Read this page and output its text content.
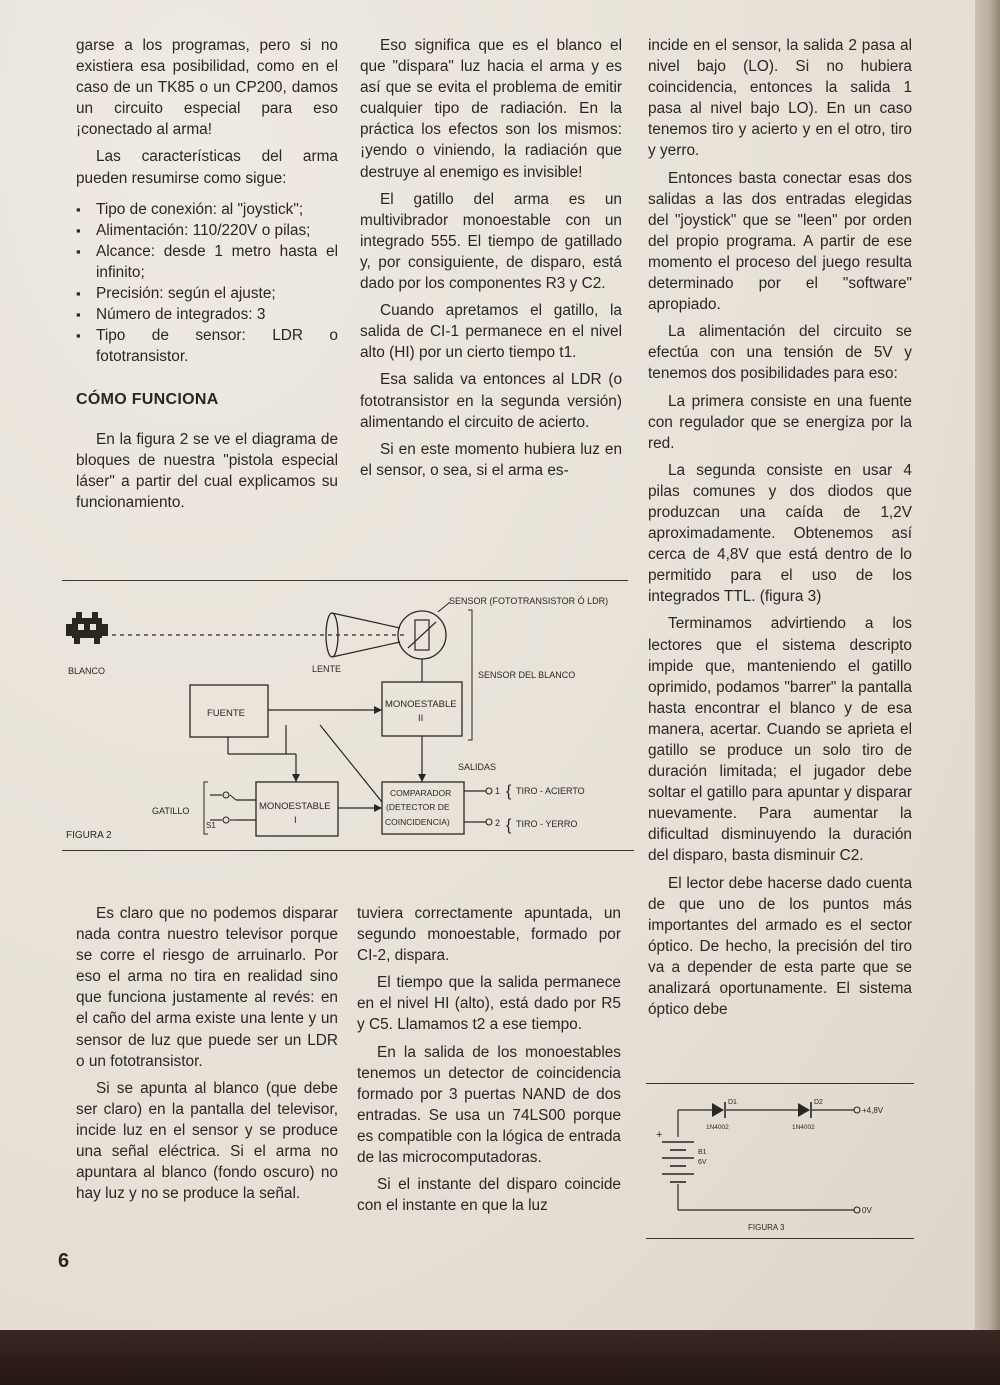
garse a los programas, pero si no existiera esa posibilidad, como en el caso de un TK85 o un CP200, damos un circuito especial para eso ¡conectado al arma!

Las características del arma pueden resumirse como sigue:

▪ Tipo de conexión: al "joystick";
▪ Alimentación: 110/220V o pilas;
▪ Alcance: desde 1 metro hasta el infinito;
▪ Precisión: según el ajuste;
▪ Número de integrados: 3
▪ Tipo de sensor: LDR o fototransistor.
CÓMO FUNCIONA

En la figura 2 se ve el diagrama de bloques de nuestra "pistola especial láser" a partir del cual explicamos su funcionamiento.

Eso significa que es el blanco el que "dispara" luz hacia el arma y es así que se evita el problema de emitir cualquier tipo de radiación. En la práctica los efectos son los mismos: ¡yendo o viniendo, la radiación que destruye al enemigo es invisible!

El gatillo del arma es un multivibrador monoestable con un integrado 555. El tiempo de gatillado y, por consiguiente, de disparo, está dado por los componentes R3 y C2.

Cuando apretamos el gatillo, la salida de CI-1 permanece en el nivel alto (HI) por un cierto tiempo t1.

Esa salida va entonces al LDR (o fototransistor en la segunda versión) alimentando el circuito de acierto.

Si en este momento hubiera luz en el sensor, o sea, si el arma es-

incide en el sensor, la salida 2 pasa al nivel bajo (LO). Si no hubiera coincidencia, entonces la salida 1 pasa al nivel bajo LO). En un caso tenemos tiro y acierto y en el otro, tiro y yerro.

Entonces basta conectar esas dos salidas a las dos entradas elegidas del "joystick" que se "leen" por orden del propio programa. A partir de ese momento el proceso del juego resulta determinado por el "software" apropiado.

La alimentación del circuito se efectúa con una tensión de 5V y tenemos dos posibilidades para eso:

La primera consiste en una fuente con regulador que se energiza por la red.

La segunda consiste en usar 4 pilas comunes y dos diodos que produzcan una caída de 1,2V aproximadamente. Obtenemos así cerca de 4,8V que está dentro de lo permitido para el uso de los integrados TTL. (figura 3)

Terminamos advirtiendo a los lectores que el sistema descripto impide que, manteniendo el gatillo oprimido, podamos "barrer" la pantalla hasta encontrar el blanco y de esa manera, acertar. Cuando se aprieta el gatillo se produce un solo tiro de duración limitada; el jugador debe soltar el gatillo para apuntar y disparar nuevamente. Para aumentar la dificultad disminuyendo la duración del disparo, basta disminuir C2.

El lector debe hacerse dado cuenta de que uno de los puntos más importantes del armado es el sector óptico. De hecho, la precisión del tiro va a depender de esta parte que se analizará oportunamente. El sistema óptico debe

Es claro que no podemos disparar nada contra nuestro televisor porque se corre el riesgo de arruinarlo. Por eso el arma no tira en realidad sino que funciona justamente al revés: en el caño del arma existe una lente y un sensor de luz que puede ser un LDR o un fototransistor.

Si se apunta al blanco (que debe ser claro) en la pantalla del televisor, incide luz en el sensor y se produce una señal eléctrica. Si el arma no apuntara al blanco (fondo oscuro) no hay luz y no se produce la señal.

tuviera correctamente apuntada, un segundo monoestable, formado por CI-2, dispara.

El tiempo que la salida permanece en el nivel HI (alto), está dado por R5 y C5. Llamamos t2 a ese tiempo.

En la salida de los monoestables tenemos un detector de coincidencia formado por 3 puertas NAND de dos entradas. Se usa un 74LS00 porque es compatible con la lógica de entrada de las microcomputadoras.

Si el instante del disparo coincide con el instante en que la luz

6
BLANCO	LENTE
SENSOR (FOTOTRANSISTOR Ó LDR)
SENSOR DEL BLANCO
FUENTE
MONOESTABLE
II
COMPARADOR
(DETECTOR DE
COINCIDENCIA)
MONOESTABLE
I
GATILLO
S1
SALIDAS
1
2
{
{
TIRO - ACIERTO
TIRO - YERRO
FIGURA 2
+
B1
6V
D1
1N4002
D2
1N4002
+4,8V
0V
FIGURA 3
